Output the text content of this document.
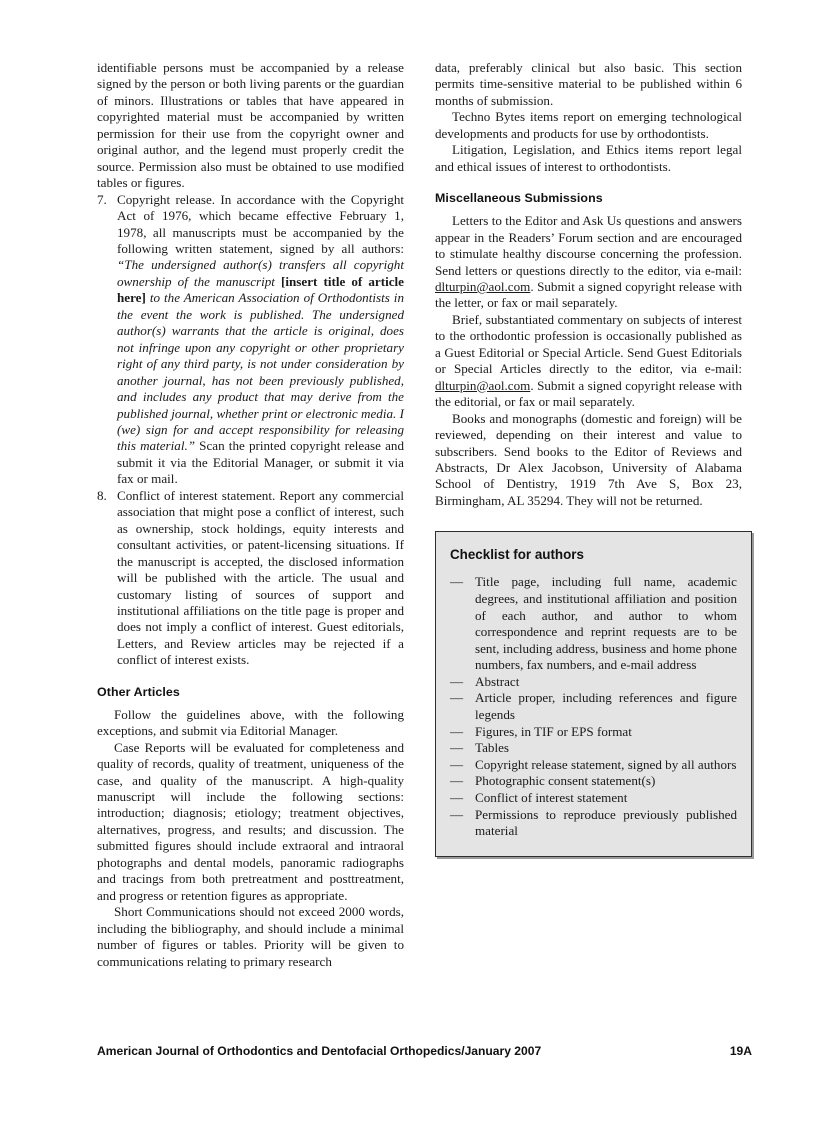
identifiable persons must be accompanied by a release signed by the person or both living parents or the guardian of minors. Illustrations or tables that have appeared in copyrighted material must be accompanied by written permission for their use from the copyright owner and original author, and the legend must properly credit the source. Permission also must be obtained to use modified tables or figures.

7. Copyright release. In accordance with the Copyright Act of 1976, which became effective February 1, 1978, all manuscripts must be accompanied by the following written statement, signed by all authors: “The undersigned author(s) transfers all copyright ownership of the manuscript [insert title of article here] to the American Association of Orthodontists in the event the work is published. The undersigned author(s) warrants that the article is original, does not infringe upon any copyright or other proprietary right of any third party, is not under consideration by another journal, has not been previously published, and includes any product that may derive from the published journal, whether print or electronic media. I (we) sign for and accept responsibility for releasing this material.” Scan the printed copyright release and submit it via the Editorial Manager, or submit it via fax or mail.
8. Conflict of interest statement. Report any commercial association that might pose a conflict of interest, such as ownership, stock holdings, equity interests and consultant activities, or patent-licensing situations. If the manuscript is accepted, the disclosed information will be published with the article. The usual and customary listing of sources of support and institutional affiliations on the title page is proper and does not imply a conflict of interest. Guest editorials, Letters, and Review articles may be rejected if a conflict of interest exists.
Other Articles

Follow the guidelines above, with the following exceptions, and submit via Editorial Manager.

Case Reports will be evaluated for completeness and quality of records, quality of treatment, uniqueness of the case, and quality of the manuscript. A high-quality manuscript will include the following sections: introduction; diagnosis; etiology; treatment objectives, alternatives, progress, and results; and discussion. The submitted figures should include extraoral and intraoral photographs and dental models, panoramic radiographs and tracings from both pretreatment and posttreatment, and progress or retention figures as appropriate.

Short Communications should not exceed 2000 words, including the bibliography, and should include a minimal number of figures or tables. Priority will be given to communications relating to primary research

data, preferably clinical but also basic. This section permits time-sensitive material to be published within 6 months of submission.

Techno Bytes items report on emerging technological developments and products for use by orthodontists.

Litigation, Legislation, and Ethics items report legal and ethical issues of interest to orthodontists.

Miscellaneous Submissions

Letters to the Editor and Ask Us questions and answers appear in the Readers’ Forum section and are encouraged to stimulate healthy discourse concerning the profession. Send letters or questions directly to the editor, via e-mail: dlturpin@aol.com. Submit a signed copyright release with the letter, or fax or mail separately.

Brief, substantiated commentary on subjects of interest to the orthodontic profession is occasionally published as a Guest Editorial or Special Article. Send Guest Editorials or Special Articles directly to the editor, via e-mail: dlturpin@aol.com. Submit a signed copyright release with the editorial, or fax or mail separately.

Books and monographs (domestic and foreign) will be reviewed, depending on their interest and value to subscribers. Send books to the Editor of Reviews and Abstracts, Dr Alex Jacobson, University of Alabama School of Dentistry, 1919 7th Ave S, Box 23, Birmingham, AL 35294. They will not be returned.

Checklist for authors
— Title page, including full name, academic degrees, and institutional affiliation and position of each author, and author to whom correspondence and reprint requests are to be sent, including address, business and home phone numbers, fax numbers, and e-mail address
— Abstract
— Article proper, including references and figure legends
— Figures, in TIF or EPS format
— Tables
— Copyright release statement, signed by all authors
— Photographic consent statement(s)
— Conflict of interest statement
— Permissions to reproduce previously published material
American Journal of Orthodontics and Dentofacial Orthopedics/January 2007	19A
